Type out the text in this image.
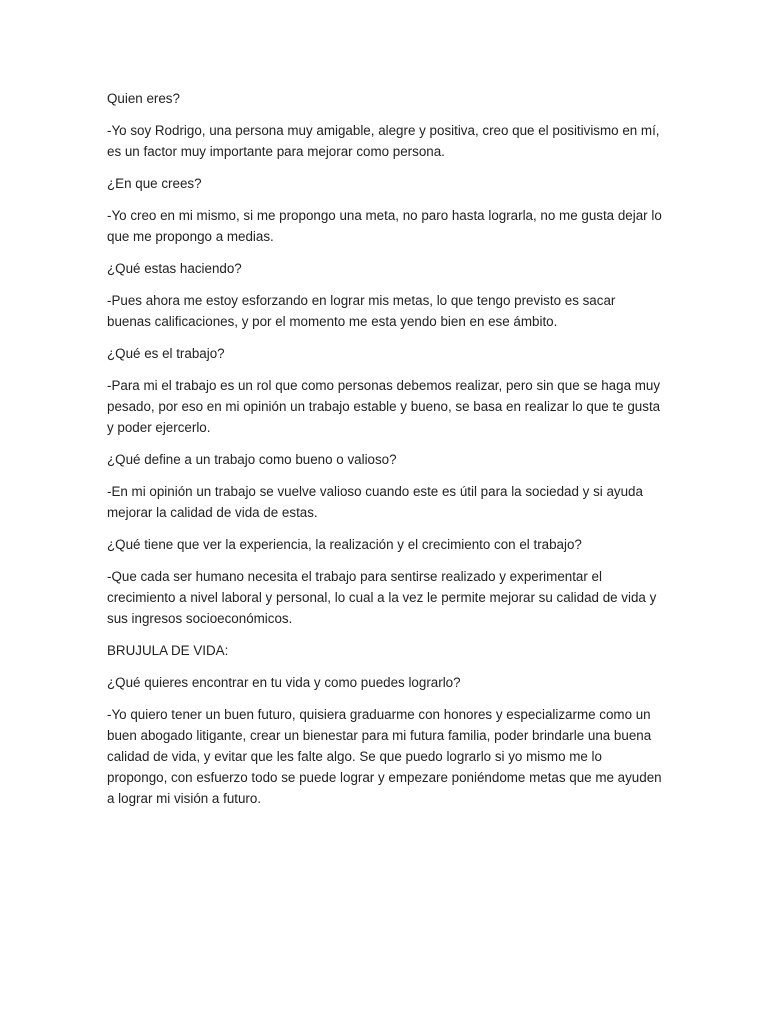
Quien eres?

-Yo soy Rodrigo, una persona muy amigable, alegre y positiva, creo que el positivismo en mí, es un factor muy importante para mejorar como persona.

¿En que crees?

-Yo creo en mi mismo, si me propongo una meta, no paro hasta lograrla, no me gusta dejar lo que me propongo a medias.

¿Qué estas haciendo?

-Pues ahora me estoy esforzando en lograr mis metas, lo que tengo previsto es sacar buenas calificaciones, y por el momento me esta yendo bien en ese ámbito.

¿Qué es el trabajo?

-Para mi el trabajo es un rol que como personas debemos realizar, pero sin que se haga muy pesado, por eso en mi opinión un trabajo estable y bueno, se basa en realizar lo que te gusta y poder ejercerlo.

¿Qué define a un trabajo como bueno o valioso?

-En mi opinión un trabajo se vuelve valioso cuando este es útil para la sociedad y si ayuda mejorar la calidad de vida de estas.

¿Qué tiene que ver la experiencia, la realización y el crecimiento con el trabajo?

-Que cada ser humano necesita el trabajo para sentirse realizado y experimentar el crecimiento a nivel laboral y personal, lo cual a la vez le permite mejorar su calidad de vida y sus ingresos socioeconómicos.

BRUJULA DE VIDA:

¿Qué quieres encontrar en tu vida y como puedes lograrlo?

-Yo quiero tener un buen futuro, quisiera graduarme con honores y especializarme como un buen abogado litigante, crear un bienestar para mi futura familia, poder brindarle una buena calidad de vida, y evitar que les falte algo. Se que puedo lograrlo si yo mismo me lo propongo, con esfuerzo todo se puede lograr y empezare poniéndome metas que me ayuden a lograr mi visión a futuro.
